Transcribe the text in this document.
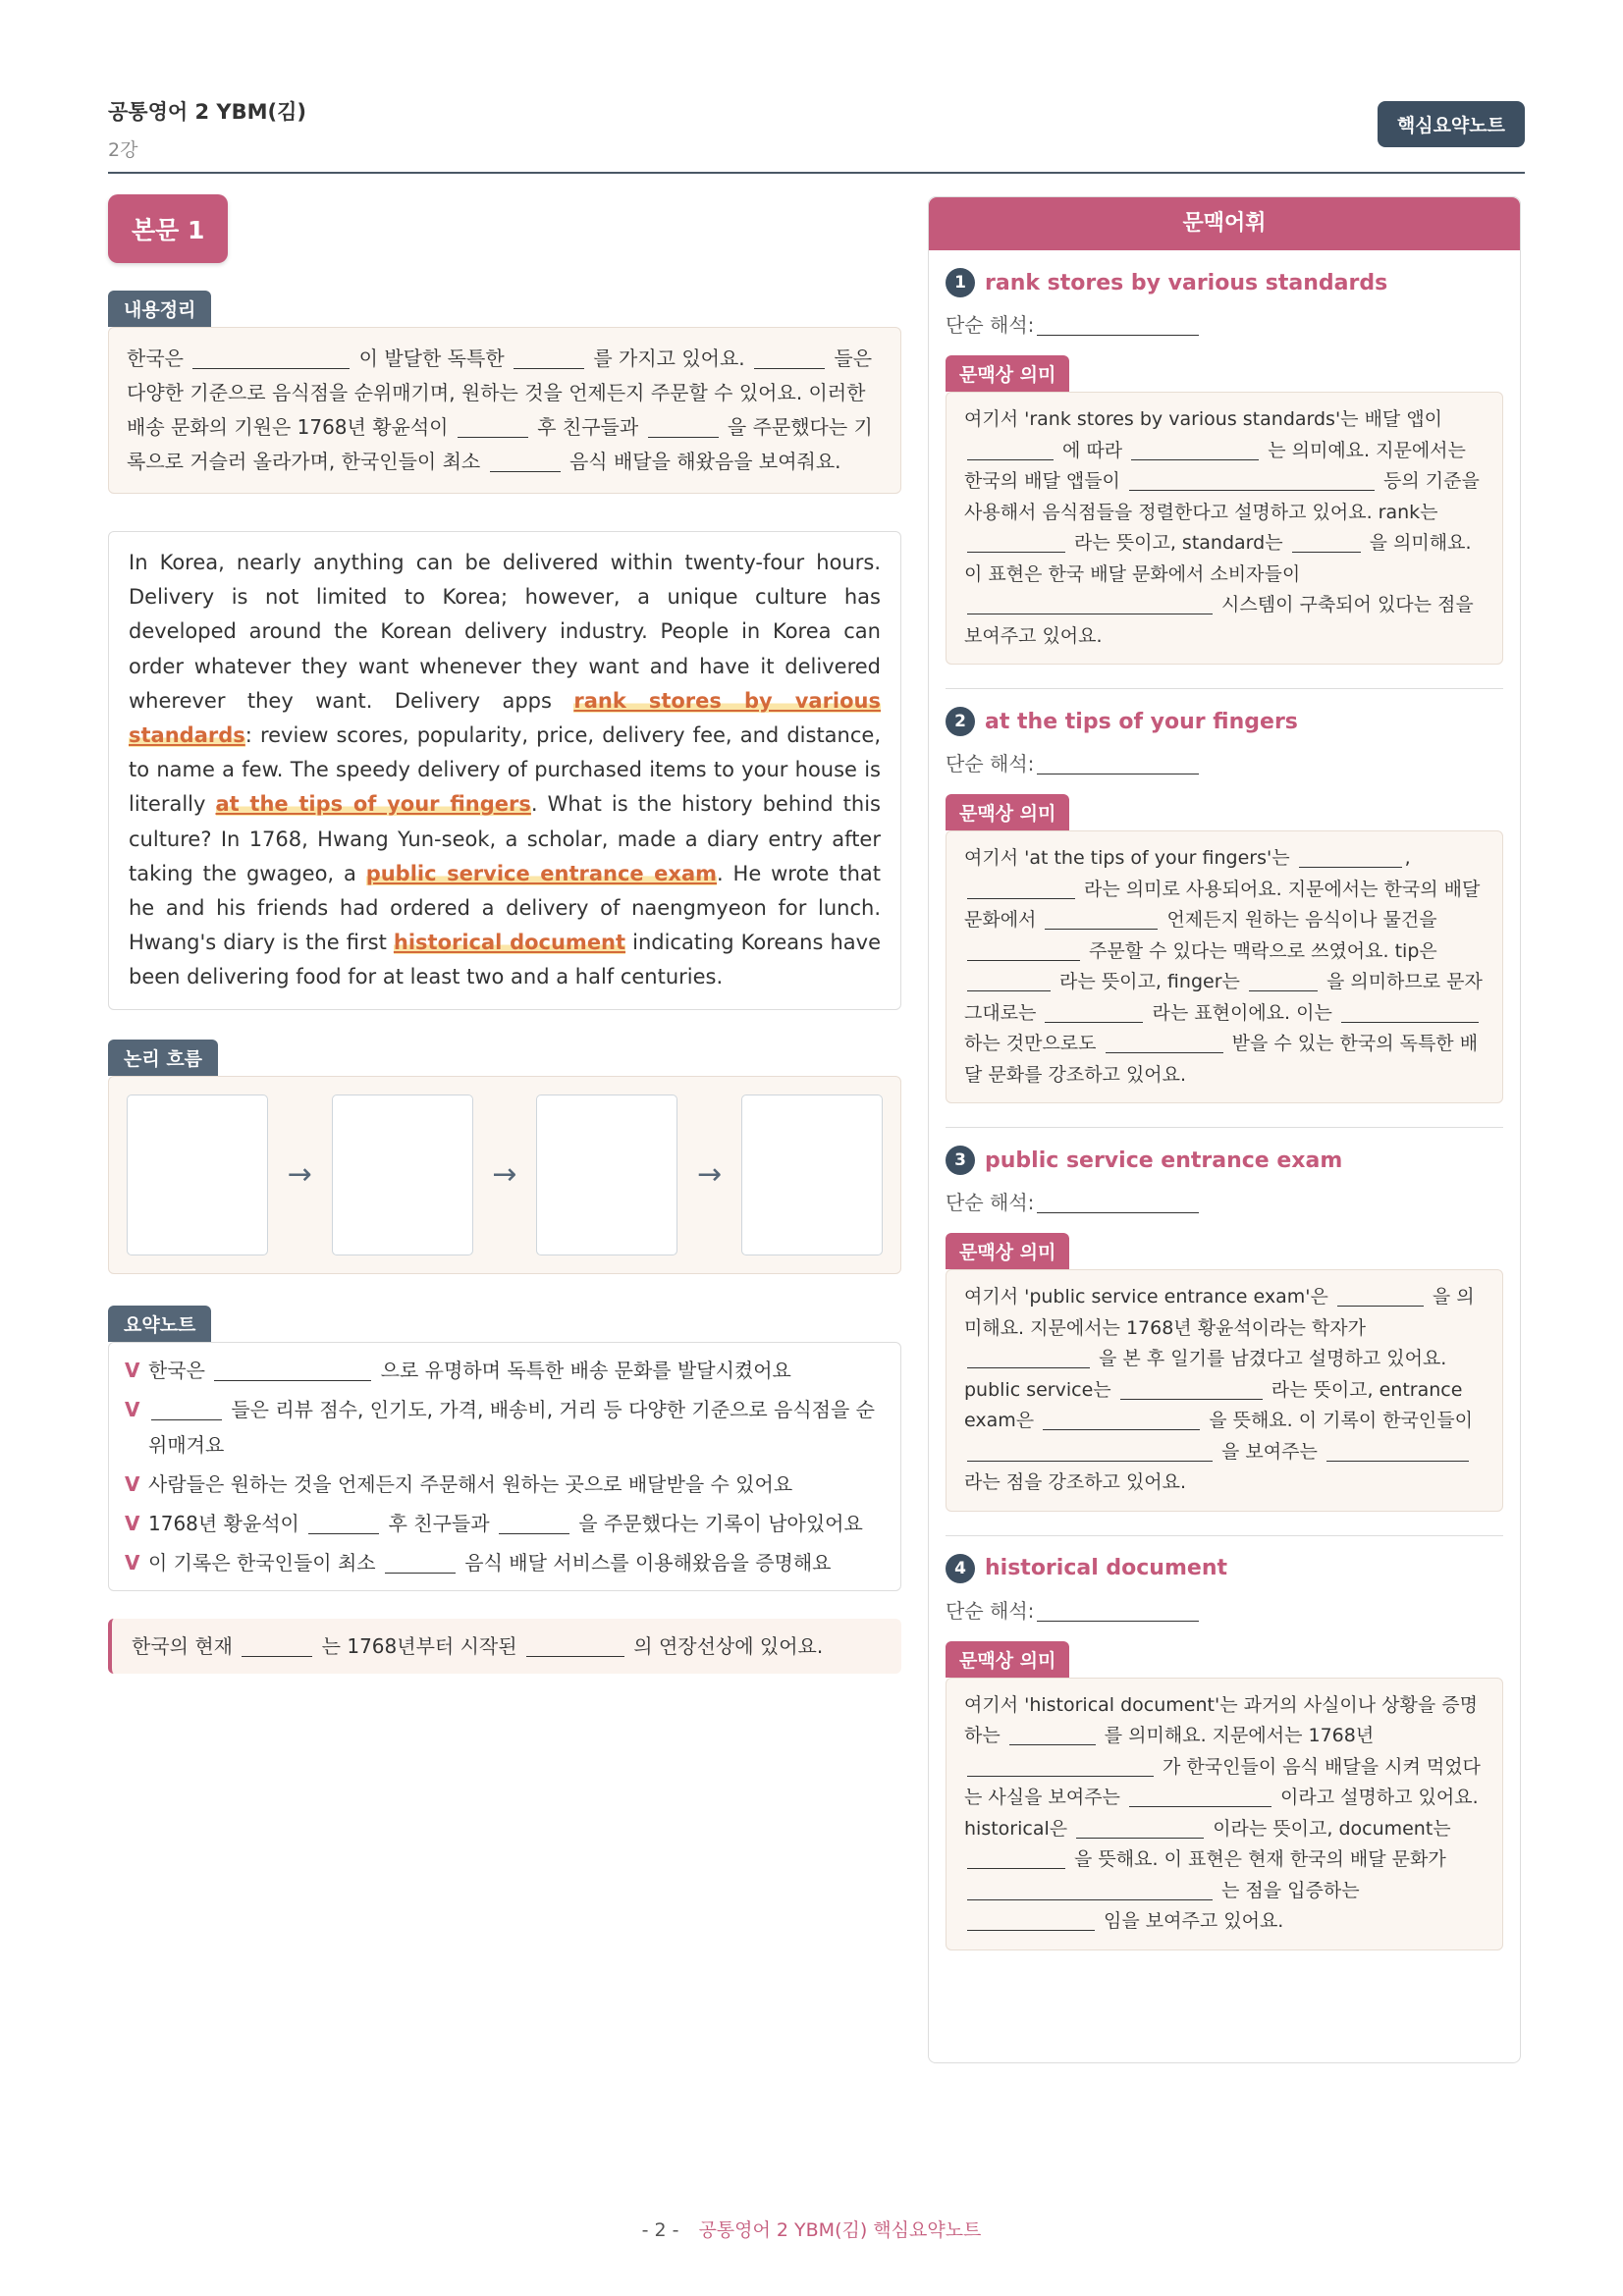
공통영어 2 YBM(김)
2강
핵심요약노트
본문 1
내용정리
한국은	이 발달한 독특한	를 가지고 있어요.	들은 다양한 기준으로 음식점을 순위매기며, 원하는 것을 언제든지 주문할 수 있어요. 이러한 배송 문화의 기원은 1768년 황윤석이	후 친구들과	을 주문했다는 기록으로 거슬러 올라가며, 한국인들이 최소	음식 배달을 해왔음을 보여줘요.
In Korea, nearly anything can be delivered within twenty-four hours. Delivery is not limited to Korea; however, a unique culture has developed around the Korean delivery industry. People in Korea can order whatever they want whenever they want and have it delivered wherever they want. Delivery apps rank stores by various standards: review scores, popularity, price, delivery fee, and distance, to name a few. The speedy delivery of purchased items to your house is literally at the tips of your fingers. What is the history behind this culture? In 1768, Hwang Yun-seok, a scholar, made a diary entry after taking the gwageo, a public service entrance exam. He wrote that he and his friends had ordered a delivery of naengmyeon for lunch. Hwang's diary is the first historical document indicating Koreans have been delivering food for at least two and a half centuries.
논리 흐름
→	→	→
요약노트
V 한국은	으로 유명하며 독특한 배송 문화를 발달시켰어요
V	들은 리뷰 점수, 인기도, 가격, 배송비, 거리 등 다양한 기준으로 음식점을 순위매겨요
V 사람들은 원하는 것을 언제든지 주문해서 원하는 곳으로 배달받을 수 있어요
V 1768년 황윤석이	후 친구들과	을 주문했다는 기록이 남아있어요
V 이 기록은 한국인들이 최소	음식 배달 서비스를 이용해왔음을 증명해요
한국의 현재	는 1768년부터 시작된	의 연장선상에 있어요.
문맥어휘
1 rank stores by various standards
단순 해석:
문맥상 의미
여기서 'rank stores by various standards'는 배달 앱이  에 따라	는 의미예요. 지문에서는 한국의 배달 앱들이	등의 기준을 사용해서 음식점들을 정렬한다고 설명하고 있어요. rank는  라는 뜻이고, standard는	을 의미해요. 이 표현은 한국 배달 문화에서 소비자들이  시스템이 구축되어 있다는 점을 보여주고 있어요.
2 at the tips of your fingers
단순 해석:
문맥상 의미
여기서 'at the tips of your fingers'는	,  라는 의미로 사용되어요. 지문에서는 한국의 배달 문화에서	언제든지 원하는 음식이나 물건을  주문할 수 있다는 맥락으로 쓰였어요. tip은  라는 뜻이고, finger는	을 의미하므로 문자 그대로는	라는 표현이에요. 이는  하는 것만으로도	받을 수 있는 한국의 독특한 배달 문화를 강조하고 있어요.
3 public service entrance exam
단순 해석:
문맥상 의미
여기서 'public service entrance exam'은	을 의미해요. 지문에서는 1768년 황윤석이라는 학자가  을 본 후 일기를 남겼다고 설명하고 있어요. public service는	라는 뜻이고, entrance exam은	을 뜻해요. 이 기록이 한국인들이  을 보여주는  라는 점을 강조하고 있어요.
4 historical document
단순 해석:
문맥상 의미
여기서 'historical document'는 과거의 사실이나 상황을 증명하는	를 의미해요. 지문에서는 1768년  가 한국인들이 음식 배달을 시켜 먹었다는 사실을 보여주는	이라고 설명하고 있어요. historical은	이라는 뜻이고, document는  을 뜻해요. 이 표현은 현재 한국의 배달 문화가  는 점을 입증하는  임을 보여주고 있어요.
- 2 - 공통영어 2 YBM(김) 핵심요약노트
